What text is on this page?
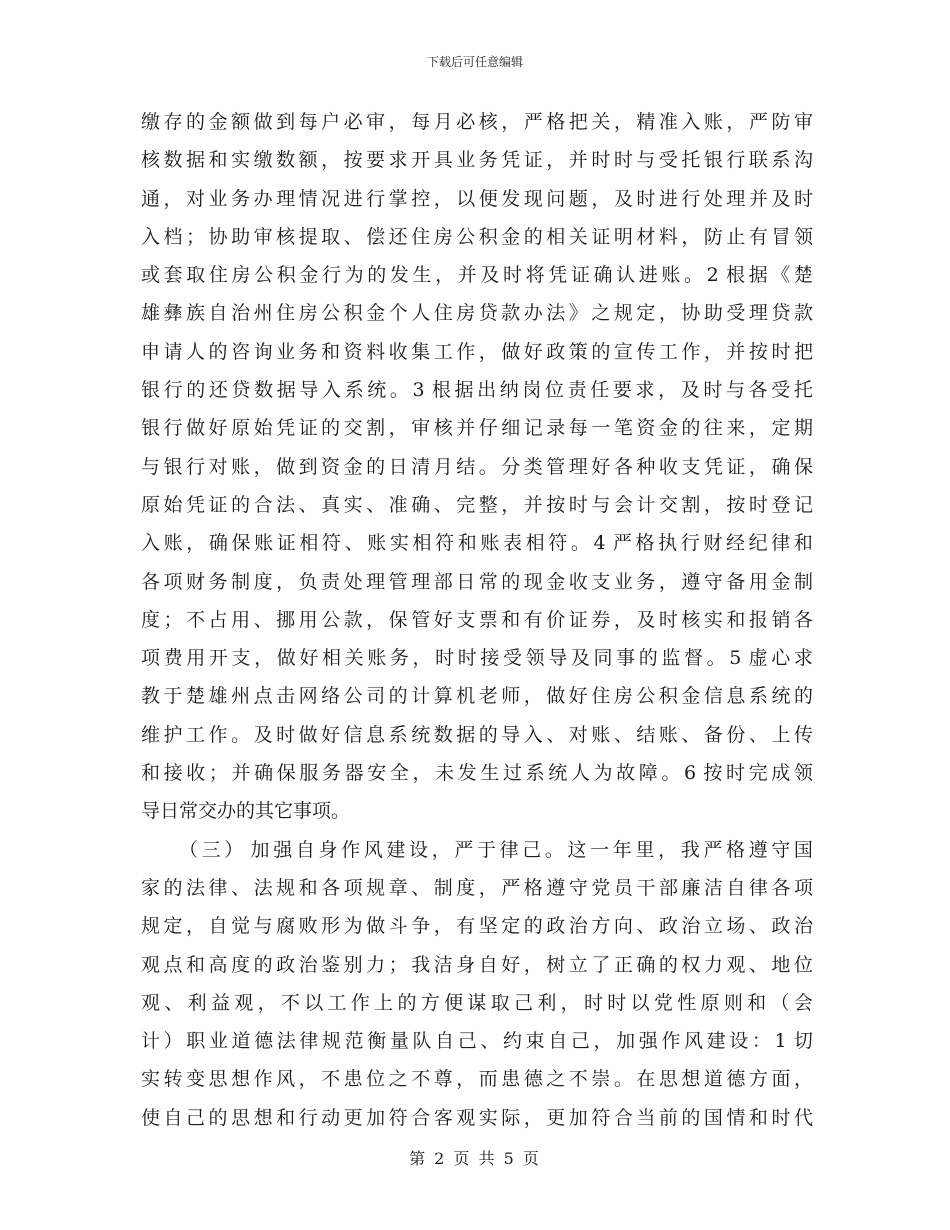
下载后可任意编辑
缴 存 的 金 额 做 到 每 户 必 审 ， 每 月 必 核 ， 严 格 把 关 ， 精 准 入 账 ， 严 防 审
核 数 据 和 实 缴 数 额 ， 按 要 求 开 具 业 务 凭 证 ， 并 时 时 与 受 托 银 行 联 系 沟
通 ， 对 业 务 办 理 情 况 进 行 掌 控 ， 以 便 发 现 问 题 ， 及 时 进 行 处 理 并 及 时
入 档 ； 协 助 审 核 提 取 、 偿 还 住 房 公 积 金 的 相 关 证 明 材 料 ， 防 止 有 冒 领
或 套 取 住 房 公 积 金 行 为 的 发 生 ， 并 及 时 将 凭 证 确 认 进 账 。 2 根 据 《 楚
雄 彝 族 自 治 州 住 房 公 积 金 个 人 住 房 贷 款 办 法 》 之 规 定 ， 协 助 受 理 贷 款
申 请 人 的 咨 询 业 务 和 资 料 收 集 工 作 ， 做 好 政 策 的 宣 传 工 作 ， 并 按 时 把
银 行 的 还 贷 数 据 导 入 系 统 。 3 根 据 出 纳 岗 位 责 任 要 求 ， 及 时 与 各 受 托
银 行 做 好 原 始 凭 证 的 交 割 ， 审 核 并 仔 细 记 录 每 一 笔 资 金 的 往 来 ， 定 期
与 银 行 对 账 ， 做 到 资 金 的 日 清 月 结 。 分 类 管 理 好 各 种 收 支 凭 证 ， 确 保
原 始 凭 证 的 合 法 、 真 实 、 准 确 、 完 整 ， 并 按 时 与 会 计 交 割 ， 按 时 登 记
入 账 ， 确 保 账 证 相 符 、 账 实 相 符 和 账 表 相 符 。 4 严 格 执 行 财 经 纪 律 和
各 项 财 务 制 度 ， 负 责 处 理 管 理 部 日 常 的 现 金 收 支 业 务 ， 遵 守 备 用 金 制
度 ； 不 占 用 、 挪 用 公 款 ， 保 管 好 支 票 和 有 价 证 券 ， 及 时 核 实 和 报 销 各
项 费 用 开 支 ， 做 好 相 关 账 务 ， 时 时 接 受 领 导 及 同 事 的 监 督 。 5 虚 心 求
教 于 楚 雄 州 点 击 网 络 公 司 的 计 算 机 老 师 ， 做 好 住 房 公 积 金 信 息 系 统 的
维 护 工 作 。 及 时 做 好 信 息 系 统 数 据 的 导 入 、 对 账 、 结 账 、 备 份 、 上 传
和 接 收 ； 并 确 保 服 务 器 安 全 ， 未 发 生 过 系 统 人 为 故 障 。 6 按 时 完 成 领
导日常交办的其它事项。
（ 三 ） 加 强 自 身 作 风 建 设 ， 严 于 律 己 。 这 一 年 里 ， 我 严 格 遵 守 国
家 的 法 律 、 法 规 和 各 项 规 章 、 制 度 ， 严 格 遵 守 党 员 干 部 廉 洁 自 律 各 项
规 定 ， 自 觉 与 腐 败 形 为 做 斗 争 ， 有 坚 定 的 政 治 方 向 、 政 治 立 场 、 政 治
观 点 和 高 度 的 政 治 鉴 别 力 ； 我 洁 身 自 好 ， 树 立 了 正 确 的 权 力 观 、 地 位
观 、 利 益 观 ， 不 以 工 作 上 的 方 便 谋 取 己 利 ， 时 时 以 党 性 原 则 和 （ 会
计 ） 职 业 道 德 法 律 规 范 衡 量 队 自 己 、 约 束 自 己 ， 加 强 作 风 建 设 ： 1 切
实 转 变 思 想 作 风 ， 不 患 位 之 不 尊 ， 而 患 德 之 不 崇 。 在 思 想 道 德 方 面 ，
使 自 己 的 思 想 和 行 动 更 加 符 合 客 观 实 际 ， 更 加 符 合 当 前 的 国 情 和 时 代
第 2 页 共 5 页
